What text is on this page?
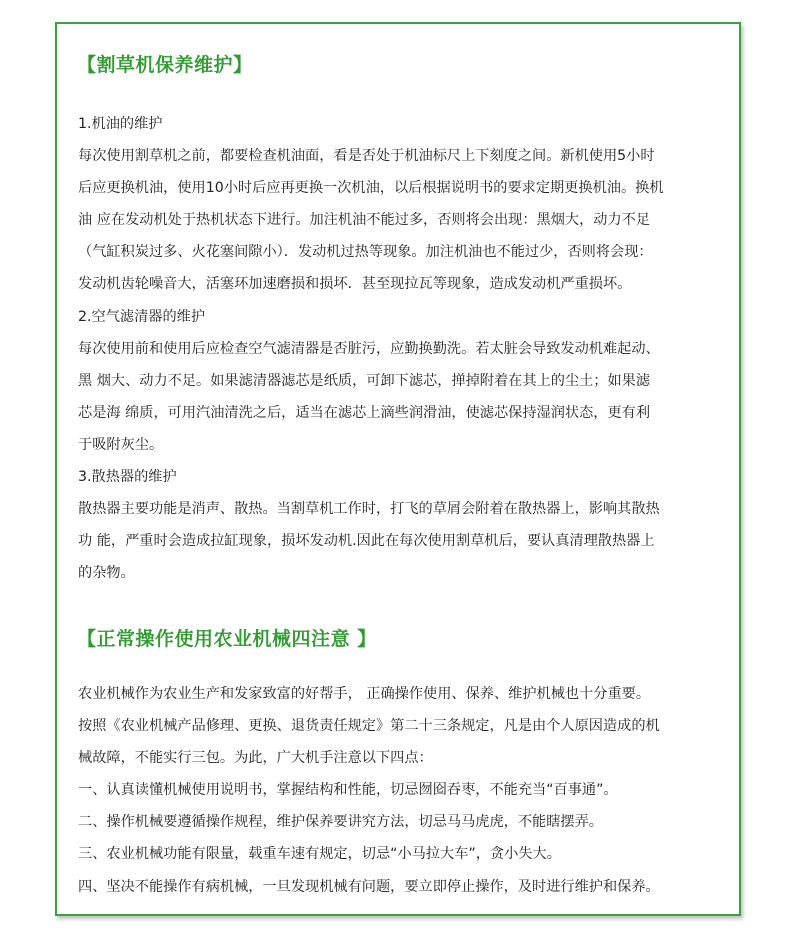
【割草机保养维护】
1.机油的维护
每次使用割草机之前，都要检查机油面，看是否处于机油标尺上下刻度之间。新机使用5小时
后应更换机油，使用10小时后应再更换一次机油，以后根据说明书的要求定期更换机油。换机
油 应在发动机处于热机状态下进行。加注机油不能过多，否则将会出现：黑烟大，动力不足
（气缸积炭过多、火花塞间隙小）．发动机过热等现象。加注机油也不能过少，否则将会现：
发动机齿轮噪音大，活塞环加速磨损和损坏．甚至现拉瓦等现象，造成发动机严重损坏。
2.空气滤清器的维护
每次使用前和使用后应检查空气滤清器是否脏污，应勤换勤洗。若太脏会导致发动机难起动、
黑 烟大、动力不足。如果滤清器滤芯是纸质，可卸下滤芯，掸掉附着在其上的尘土；如果滤
芯是海 绵质，可用汽油清洗之后，适当在滤芯上滴些润滑油，使滤芯保持湿润状态，更有利
于吸附灰尘。
3.散热器的维护
散热器主要功能是消声、散热。当割草机工作时，打飞的草屑会附着在散热器上，影响其散热
功 能，严重时会造成拉缸现象，损坏发动机.因此在每次使用割草机后，要认真清理散热器上
的杂物。
【正常操作使用农业机械四注意 】
农业机械作为农业生产和发家致富的好帮手， 正确操作使用、保养、维护机械也十分重要。
按照《农业机械产品修理、更换、退货责任规定》第二十三条规定，凡是由个人原因造成的机
械故障，不能实行三包。为此，广大机手注意以下四点：
一、认真读懂机械使用说明书，掌握结构和性能，切忌囫囵吞枣，不能充当“百事通”。
二、操作机械要遵循操作规程，维护保养要讲究方法，切忌马马虎虎，不能瞎摆弄。
三、农业机械功能有限量，载重车速有规定，切忌“小马拉大车”，贪小失大。
四、坚决不能操作有病机械，一旦发现机械有问题，要立即停止操作，及时进行维护和保养。
